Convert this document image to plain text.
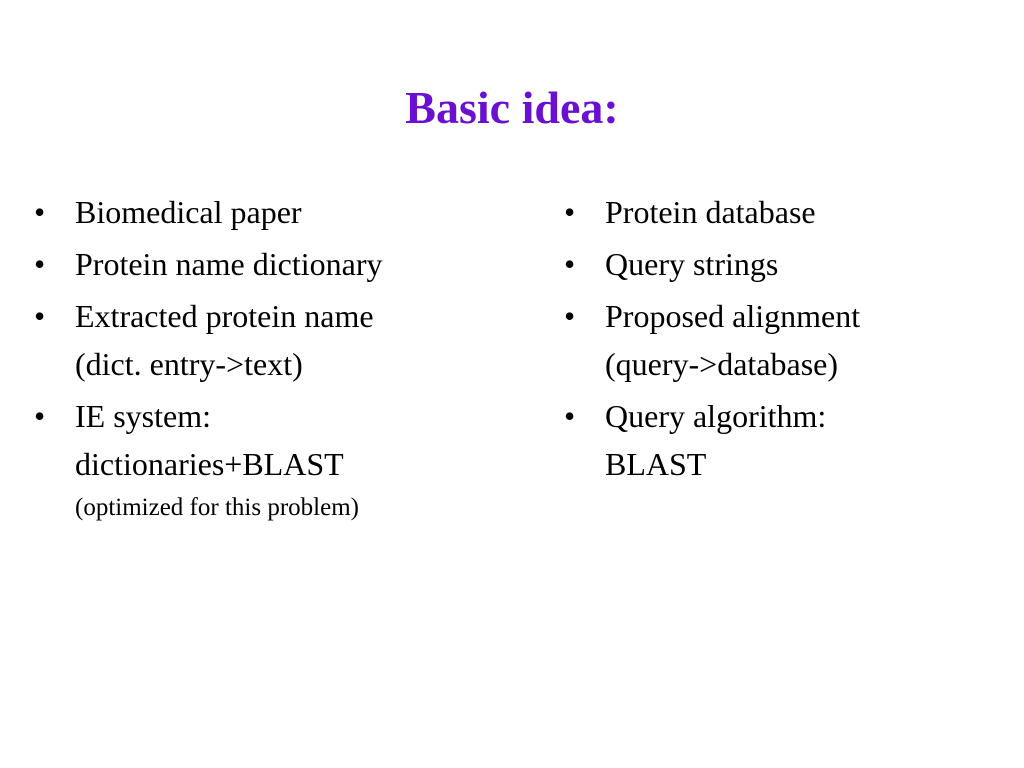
Basic idea:
• Biomedical paper
• Protein name dictionary
• Extracted protein name
(dict. entry->text)
• IE system:
dictionaries+BLAST
(optimized for this problem)
• Protein database
• Query strings
• Proposed alignment
(query->database)
• Query algorithm:
BLAST
